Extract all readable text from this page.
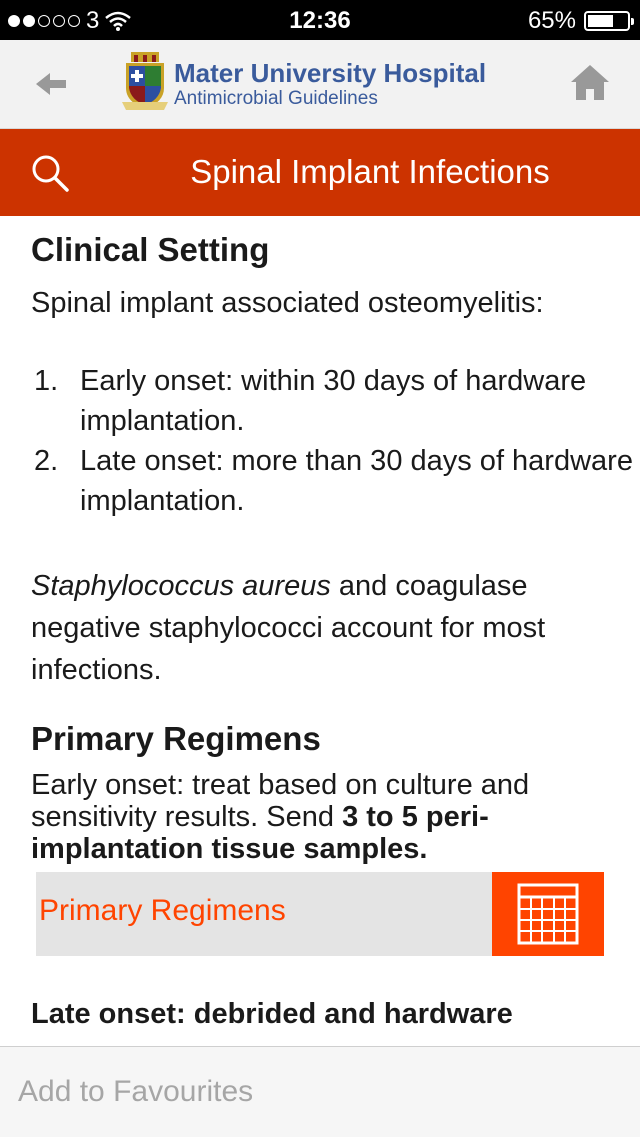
3	12:36	65%
Mater University Hospital
Antimicrobial Guidelines
Spinal Implant Infections
Clinical Setting

Spinal implant associated osteomyelitis:

1. Early onset: within 30 days of hardware implantation.
2. Late onset: more than 30 days of hardware implantation.

Staphylococcus aureus and coagulase negative staphylococci account for most infections.

Primary Regimens

Early onset: treat based on culture and sensitivity results. Send 3 to 5 peri-implantation tissue samples.

Primary Regimens
Late onset: debrided and hardware
Add to Favourites
